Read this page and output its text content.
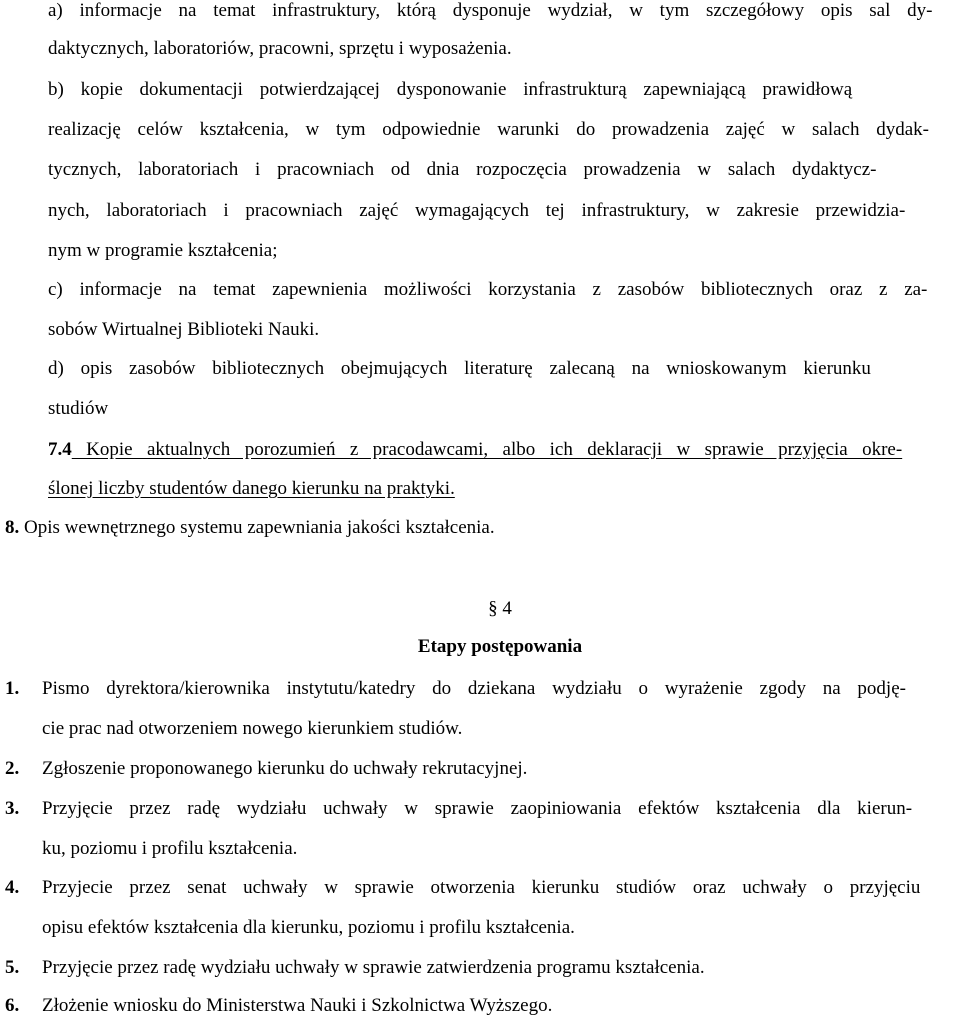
a) informacje na temat infrastruktury, którą dysponuje wydział, w tym szczegółowy opis sal dy-
daktycznych, laboratoriów, pracowni, sprzętu i wyposażenia.
b) kopie dokumentacji potwierdzającej dysponowanie infrastrukturą zapewniającą prawidłową
realizację celów kształcenia, w tym odpowiednie warunki do prowadzenia zajęć w salach dydak-
tycznych, laboratoriach i pracowniach od dnia rozpoczęcia prowadzenia w salach dydaktycz-
nych, laboratoriach i pracowniach zajęć wymagających tej infrastruktury, w zakresie przewidzia-
nym w programie kształcenia;
c) informacje na temat zapewnienia możliwości korzystania z zasobów bibliotecznych oraz z za-
sobów Wirtualnej Biblioteki Nauki.
d) opis zasobów bibliotecznych obejmujących literaturę zalecaną na wnioskowanym kierunku
studiów
7.4 Kopie aktualnych porozumień z pracodawcami, albo ich deklaracji w sprawie przyjęcia okre-
ślonej liczby studentów danego kierunku na praktyki.
8. Opis wewnętrznego systemu zapewniania jakości kształcenia.
§ 4
Etapy postępowania
1. Pismo dyrektora/kierownika instytutu/katedry do dziekana wydziału o wyrażenie zgody na podję-
cie prac nad otworzeniem nowego kierunkiem studiów.
2. Zgłoszenie proponowanego kierunku do uchwały rekrutacyjnej.
3. Przyjęcie przez radę wydziału uchwały w sprawie zaopiniowania efektów kształcenia dla kierun-
ku, poziomu i profilu kształcenia.
4. Przyjecie przez senat uchwały w sprawie otworzenia kierunku studiów oraz uchwały o przyjęciu
opisu efektów kształcenia dla kierunku, poziomu i profilu kształcenia.
5. Przyjęcie przez radę wydziału uchwały w sprawie zatwierdzenia programu kształcenia.
6. Złożenie wniosku do Ministerstwa Nauki i Szkolnictwa Wyższego.
